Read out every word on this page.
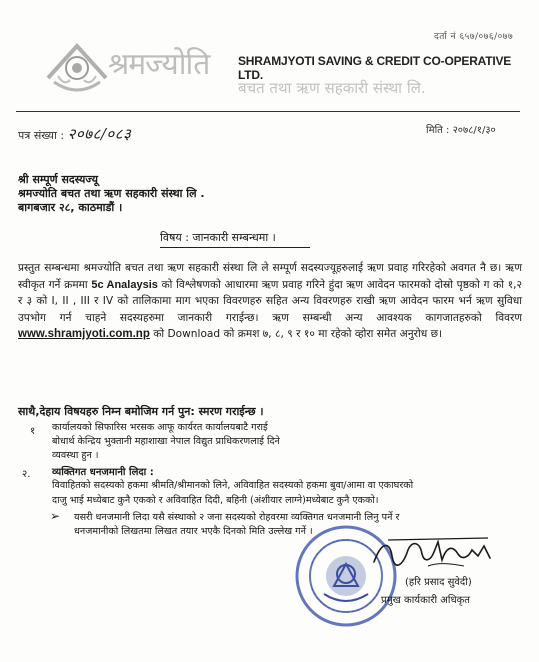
दर्ता नं ६५७/०७६/०७७
श्रमज्योति SHRAMJYOTI SAVING & CREDIT CO-OPERATIVE LTD.
बचत तथा ऋण सहकारी संस्था लि.
पत्र संख्या : २०७८/०८३	मिति : २०७८/१/३०
श्री सम्पूर्ण सदस्यज्यू
श्रमज्योति बचत तथा ऋण सहकारी संस्था लि .
बागबजार २८, काठमाडौं ।
विषय : जानकारी सम्बन्धमा ।
प्रस्तुत सम्बन्धमा श्रमज्योति बचत तथा ऋण सहकारी संस्था लि ले सम्पूर्ण सदस्यज्यूहरुलाई ऋण प्रवाह गरिरहेको अवगत नै छ। ऋण स्वीकृत गर्ने क्रममा 5c Analaysis को विश्लेषणको आधारमा ऋण प्रवाह गरिने हुंदा ऋण आवेदन फारमको दोस्रो पृष्ठको ग को १,२ र ३ को I, II , III र IV को तालिकामा माग भएका विवरणहरु सहित अन्य विवरणहरु राखी ऋण आवेदन फारम भर्न ऋण सुविधा उपभोग गर्न चाहने सदस्यहरुमा जानकारी गराईन्छ। ऋण सम्बन्धी अन्य आवश्यक कागजातहरुको विवरण www.shramjyoti.com.np को Download को क्रमश ७, ८, ९ र १० मा रहेको व्होरा समेत अनुरोध छ।
साथै,देहाय विषयहरु निम्न बमोजिम गर्न पुन: स्मरण गराईन्छ ।
१ कार्यालयको सिफारिस भरसक आफू कार्यरत कार्यालयबाटै गराई
बोधार्थ केन्द्रिय भुक्तानी महाशाखा नेपाल विद्युत प्राधिकरणलाई दिने
व्यवस्था हुन ।
२. व्यक्तिगत धनजमानी लिदा :
विवाहितको सदस्यको हकमा श्रीमति/श्रीमानको लिने, अविवाहित सदस्यको हकमा बुवा/आमा वा एकाघरको
दाजु भाई मध्येबाट कुनै एकको र अविवाहित दिदी, बहिनी (अंशीयार लाग्ने)मध्येबाट कुनै एकको।
➢ यसरी धनजमानी लिदा यसै संस्थाको २ जना सदस्यको रोहवरमा व्यक्तिगत धनजमानी लिनु पर्ने र
धनजमानीको लिखतमा लिखत तयार भएकै दिनको मिति उल्लेख गर्ने ।
(हरि प्रसाद सुवेदी)
प्रमुख कार्यकारी अधिकृत
